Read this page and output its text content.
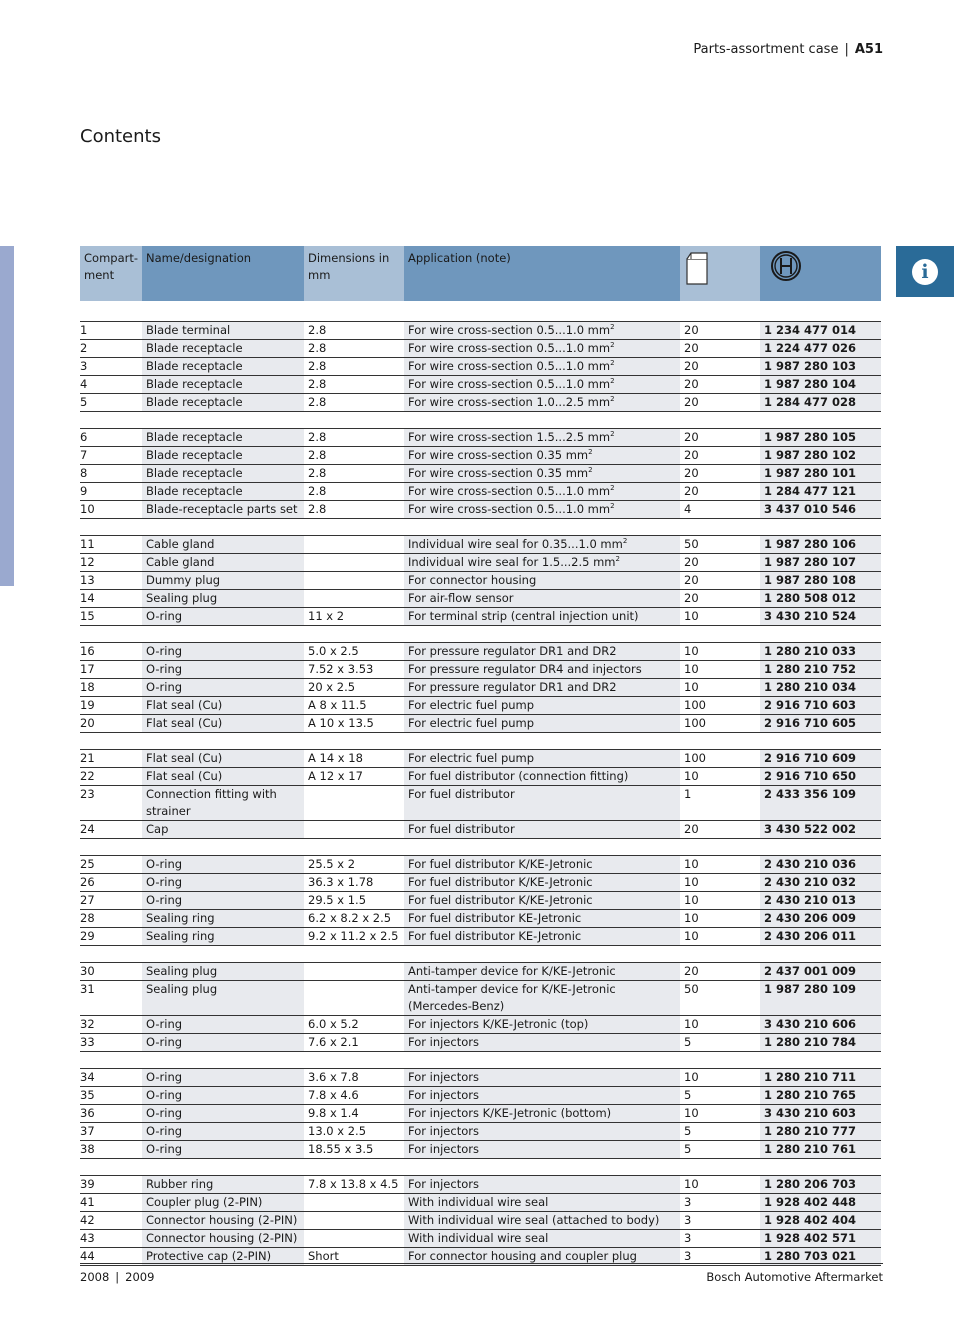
Parts-assortment case | A51
Contents
i
Compart- ment	Name/designation	Dimensions in mm	Application (note)		

1	Blade terminal	2.8	For wire cross-section 0.5...1.0 $mm^2$	20	1 234 477 014
2	Blade receptacle	2.8	For wire cross-section 0.5...1.0 $mm^2$	20	1 224 477 026
3	Blade receptacle	2.8	For wire cross-section 0.5...1.0 $mm^2$	20	1 987 280 103
4	Blade receptacle	2.8	For wire cross-section 0.5...1.0 $mm^2$	20	1 987 280 104
5	Blade receptacle	2.8	For wire cross-section 1.0...2.5 $mm^2$	20	1 284 477 028

6	Blade receptacle	2.8	For wire cross-section 1.5...2.5 $mm^2$	20	1 987 280 105
7	Blade receptacle	2.8	For wire cross-section 0.35 $mm^2$	20	1 987 280 102
8	Blade receptacle	2.8	For wire cross-section 0.35 $mm^2$	20	1 987 280 101
9	Blade receptacle	2.8	For wire cross-section 0.5...1.0 $mm^2$	20	1 284 477 121
10	Blade-receptacle parts set	2.8	For wire cross-section 0.5...1.0 $mm^2$	4	3 437 010 546

11	Cable gland		Individual wire seal for 0.35...1.0 $mm^2$	50	1 987 280 106
12	Cable gland		Individual wire seal for 1.5...2.5 $mm^2$	20	1 987 280 107
13	Dummy plug		For connector housing	20	1 987 280 108
14	Sealing plug		For air-flow sensor	20	1 280 508 012
15	O-ring	11 x 2	For terminal strip (central injection unit)	10	3 430 210 524

16	O-ring	5.0 x 2.5	For pressure regulator DR1 and DR2	10	1 280 210 033
17	O-ring	7.52 x 3.53	For pressure regulator DR4 and injectors	10	1 280 210 752
18	O-ring	20 x 2.5	For pressure regulator DR1 and DR2	10	1 280 210 034
19	Flat seal (Cu)	A 8 x 11.5	For electric fuel pump	100	2 916 710 603
20	Flat seal (Cu)	A 10 x 13.5	For electric fuel pump	100	2 916 710 605

21	Flat seal (Cu)	A 14 x 18	For electric fuel pump	100	2 916 710 609
22	Flat seal (Cu)	A 12 x 17	For fuel distributor (connection fitting)	10	2 916 710 650
23	Connection fitting with strainer		For fuel distributor	1	2 433 356 109
24	Cap		For fuel distributor	20	3 430 522 002

25	O-ring	25.5 x 2	For fuel distributor K/KE-Jetronic	10	2 430 210 036
26	O-ring	36.3 x 1.78	For fuel distributor K/KE-Jetronic	10	2 430 210 032
27	O-ring	29.5 x 1.5	For fuel distributor K/KE-Jetronic	10	2 430 210 013
28	Sealing ring	6.2 x 8.2 x 2.5	For fuel distributor KE-Jetronic	10	2 430 206 009
29	Sealing ring	9.2 x 11.2 x 2.5	For fuel distributor KE-Jetronic	10	2 430 206 011

30	Sealing plug		Anti-tamper device for K/KE-Jetronic	20	2 437 001 009
31	Sealing plug		Anti-tamper device for K/KE-Jetronic (Mercedes-Benz)	50	1 987 280 109
32	O-ring	6.0 x 5.2	For injectors K/KE-Jetronic (top)	10	3 430 210 606
33	O-ring	7.6 x 2.1	For injectors	5	1 280 210 784

34	O-ring	3.6 x 7.8	For injectors	10	1 280 210 711
35	O-ring	7.8 x 4.6	For injectors	5	1 280 210 765
36	O-ring	9.8 x 1.4	For injectors K/KE-Jetronic (bottom)	10	3 430 210 603
37	O-ring	13.0 x 2.5	For injectors	5	1 280 210 777
38	O-ring	18.55 x 3.5	For injectors	5	1 280 210 761

39	Rubber ring	7.8 x 13.8 x 4.5	For injectors	10	1 280 206 703
41	Coupler plug (2-PIN)		With individual wire seal	3	1 928 402 448
42	Connector housing (2-PIN)		With individual wire seal (attached to body)	3	1 928 402 404
43	Connector housing (2-PIN)		With individual wire seal	3	1 928 402 571
44	Protective cap (2-PIN)	Short	For connector housing and coupler plug	3	1 280 703 021
2008 | 2009	Bosch Automotive Aftermarket
